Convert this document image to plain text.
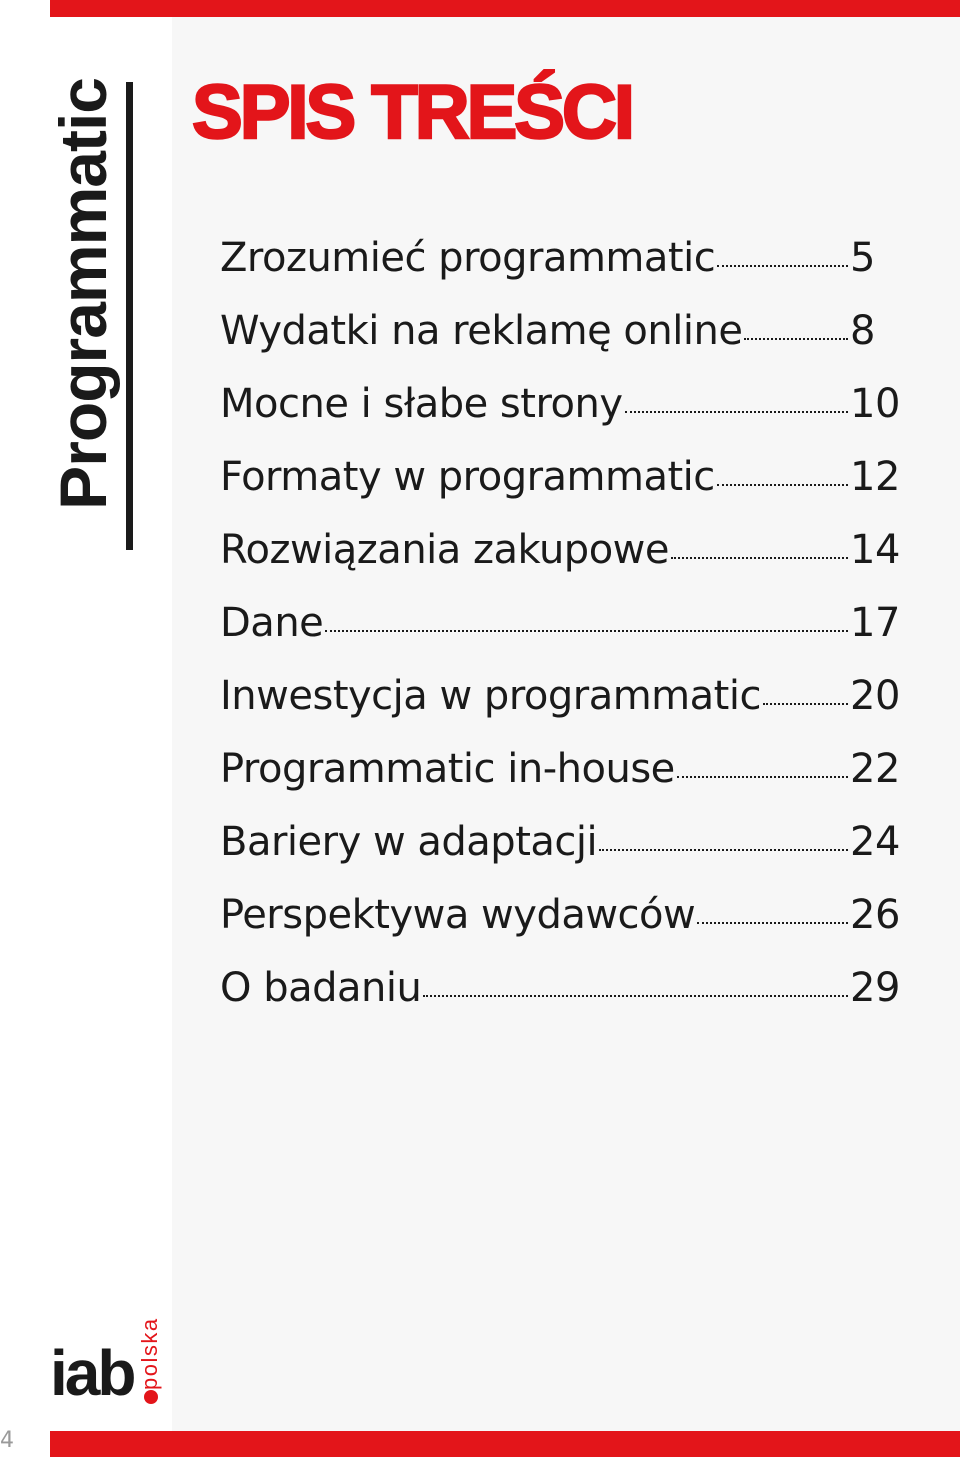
Programmatic SPIS TREŚCI
Zrozumieć programmatic	5
Wydatki na reklamę online	8
Mocne i słabe strony	10
Formaty w programmatic	12
Rozwiązania zakupowe	14
Dane	17
Inwestycja w programmatic 20
Programmatic in-house	22
Bariery w adaptacji	24
Perspektywa wydawców	26
O badaniu	29
iab polska
4
